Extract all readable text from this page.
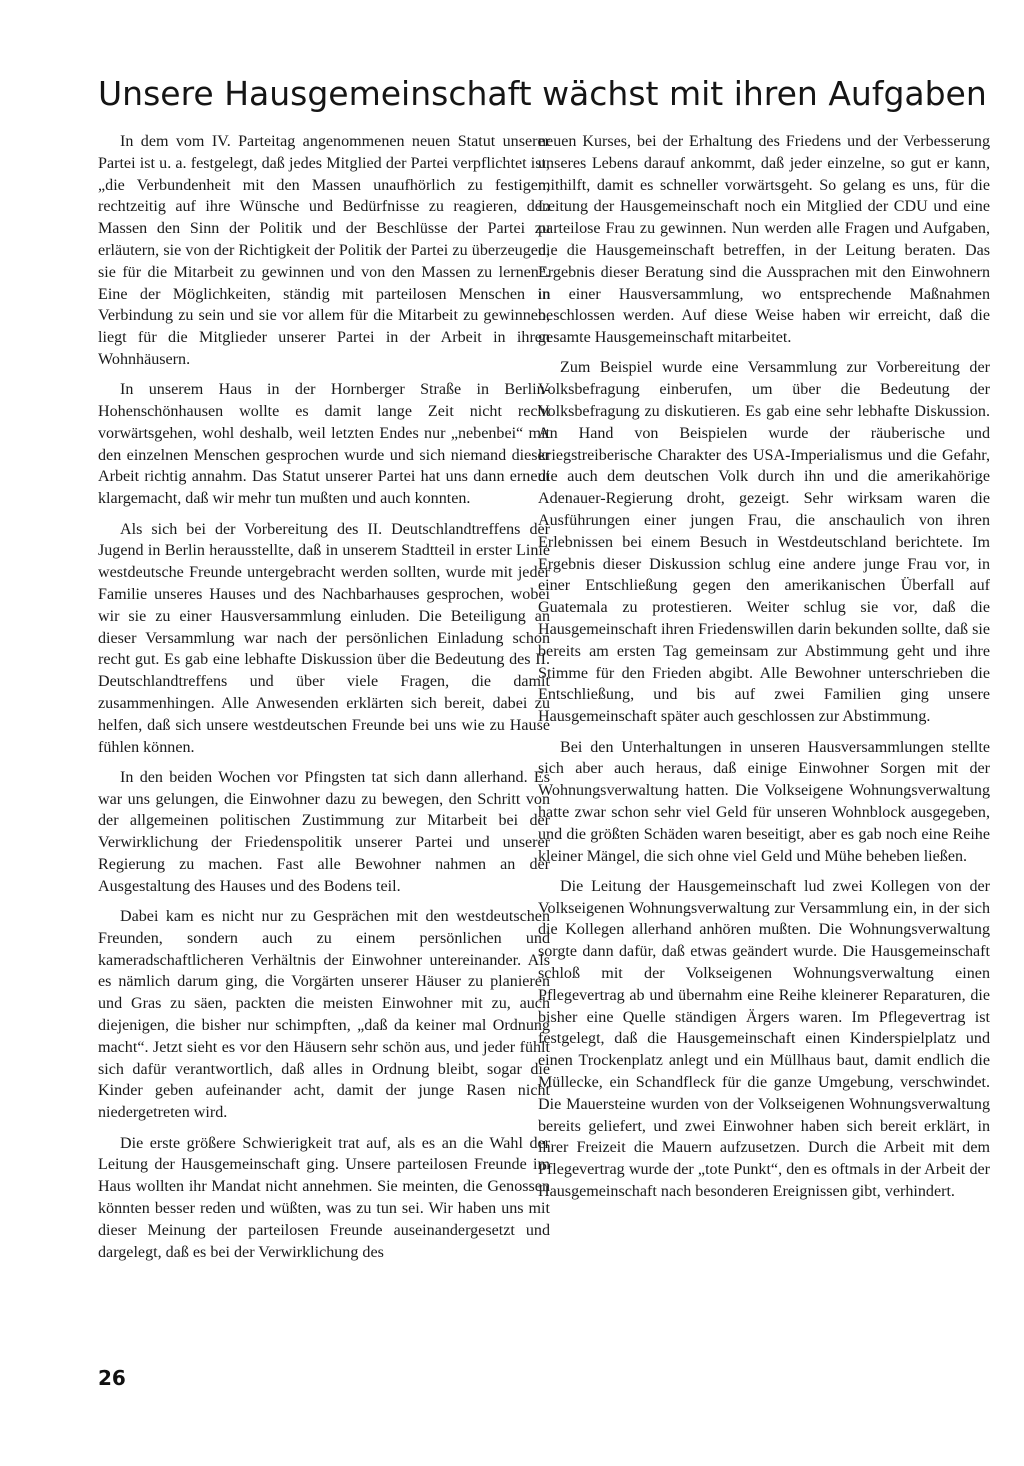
Unsere Hausgemeinschaft wächst mit ihren Aufgaben

In dem vom IV. Parteitag angenommenen neuen Statut unserer Partei ist u. a. festgelegt, daß jedes Mitglied der Partei verpflichtet ist, „die Verbundenheit mit den Massen unaufhörlich zu festigen, rechtzeitig auf ihre Wünsche und Bedürfnisse zu reagieren, den Massen den Sinn der Politik und der Beschlüsse der Partei zu erläutern, sie von der Richtigkeit der Politik der Partei zu überzeugen, sie für die Mitarbeit zu gewinnen und von den Massen zu lernen“. Eine der Möglichkeiten, ständig mit parteilosen Menschen in Verbindung zu sein und sie vor allem für die Mitarbeit zu gewinnen, liegt für die Mitglieder unserer Partei in der Arbeit in ihren Wohnhäusern.

In unserem Haus in der Hornberger Straße in Berlin-Hohenschönhausen wollte es damit lange Zeit nicht recht vorwärtsgehen, wohl deshalb, weil letzten Endes nur „nebenbei“ mit den einzelnen Menschen gesprochen wurde und sich niemand dieser Arbeit richtig annahm. Das Statut unserer Partei hat uns dann erneut klargemacht, daß wir mehr tun mußten und auch konnten.

Als sich bei der Vorbereitung des II. Deutschlandtreffens der Jugend in Berlin herausstellte, daß in unserem Stadtteil in erster Linie westdeutsche Freunde untergebracht werden sollten, wurde mit jeder Familie unseres Hauses und des Nachbarhauses gesprochen, wobei wir sie zu einer Hausversammlung einluden. Die Beteiligung an dieser Versammlung war nach der persönlichen Einladung schon recht gut. Es gab eine lebhafte Diskussion über die Bedeutung des II. Deutschlandtreffens und über viele Fragen, die damit zusammenhingen. Alle Anwesenden erklärten sich bereit, dabei zu helfen, daß sich unsere westdeutschen Freunde bei uns wie zu Hause fühlen können.

In den beiden Wochen vor Pfingsten tat sich dann allerhand. Es war uns gelungen, die Einwohner dazu zu bewegen, den Schritt von der allgemeinen politischen Zustimmung zur Mitarbeit bei der Verwirklichung der Friedenspolitik unserer Partei und unserer Regierung zu machen. Fast alle Bewohner nahmen an der Ausgestaltung des Hauses und des Bodens teil.

Dabei kam es nicht nur zu Gesprächen mit den westdeutschen Freunden, sondern auch zu einem persönlichen und kameradschaftlicheren Verhältnis der Einwohner untereinander. Als es nämlich darum ging, die Vorgärten unserer Häuser zu planieren und Gras zu säen, packten die meisten Einwohner mit zu, auch diejenigen, die bisher nur schimpften, „daß da keiner mal Ordnung macht“. Jetzt sieht es vor den Häusern sehr schön aus, und jeder fühlt sich dafür verantwortlich, daß alles in Ordnung bleibt, sogar die Kinder geben aufeinander acht, damit der junge Rasen nicht niedergetreten wird.

Die erste größere Schwierigkeit trat auf, als es an die Wahl der Leitung der Hausgemeinschaft ging. Unsere parteilosen Freunde im Haus wollten ihr Mandat nicht annehmen. Sie meinten, die Genossen könnten besser reden und wüßten, was zu tun sei. Wir haben uns mit dieser Meinung der parteilosen Freunde auseinandergesetzt und dargelegt, daß es bei der Verwirklichung des

neuen Kurses, bei der Erhaltung des Friedens und der Verbesserung unseres Lebens darauf ankommt, daß jeder einzelne, so gut er kann, mithilft, damit es schneller vorwärtsgeht. So gelang es uns, für die Leitung der Hausgemeinschaft noch ein Mitglied der CDU und eine parteilose Frau zu gewinnen. Nun werden alle Fragen und Aufgaben, die die Hausgemeinschaft betreffen, in der Leitung beraten. Das Ergebnis dieser Beratung sind die Aussprachen mit den Einwohnern in einer Hausversammlung, wo entsprechende Maßnahmen beschlossen werden. Auf diese Weise haben wir erreicht, daß die gesamte Hausgemeinschaft mitarbeitet.

Zum Beispiel wurde eine Versammlung zur Vorbereitung der Volksbefragung einberufen, um über die Bedeutung der Volksbefragung zu diskutieren. Es gab eine sehr lebhafte Diskussion. An Hand von Beispielen wurde der räuberische und kriegstreiberische Charakter des USA-Imperialismus und die Gefahr, die auch dem deutschen Volk durch ihn und die amerikahörige Adenauer-Regierung droht, gezeigt. Sehr wirksam waren die Ausführungen einer jungen Frau, die anschaulich von ihren Erlebnissen bei einem Besuch in Westdeutschland berichtete. Im Ergebnis dieser Diskussion schlug eine andere junge Frau vor, in einer Entschließung gegen den amerikanischen Überfall auf Guatemala zu protestieren. Weiter schlug sie vor, daß die Hausgemeinschaft ihren Friedenswillen darin bekunden sollte, daß sie bereits am ersten Tag gemeinsam zur Abstimmung geht und ihre Stimme für den Frieden abgibt. Alle Bewohner unterschrieben die Entschließung, und bis auf zwei Familien ging unsere Hausgemeinschaft später auch geschlossen zur Abstimmung.

Bei den Unterhaltungen in unseren Hausversammlungen stellte sich aber auch heraus, daß einige Einwohner Sorgen mit der Wohnungsverwaltung hatten. Die Volkseigene Wohnungsverwaltung hatte zwar schon sehr viel Geld für unseren Wohnblock ausgegeben, und die größten Schäden waren beseitigt, aber es gab noch eine Reihe kleiner Mängel, die sich ohne viel Geld und Mühe beheben ließen.

Die Leitung der Hausgemeinschaft lud zwei Kollegen von der Volkseigenen Wohnungsverwaltung zur Versammlung ein, in der sich die Kollegen allerhand anhören mußten. Die Wohnungsverwaltung sorgte dann dafür, daß etwas geändert wurde. Die Hausgemeinschaft schloß mit der Volkseigenen Wohnungsverwaltung einen Pflegevertrag ab und übernahm eine Reihe kleinerer Reparaturen, die bisher eine Quelle ständigen Ärgers waren. Im Pflegevertrag ist festgelegt, daß die Hausgemeinschaft einen Kinderspielplatz und einen Trockenplatz anlegt und ein Müllhaus baut, damit endlich die Müllecke, ein Schandfleck für die ganze Umgebung, verschwindet. Die Mauersteine wurden von der Volkseigenen Wohnungsverwaltung bereits geliefert, und zwei Einwohner haben sich bereit erklärt, in ihrer Freizeit die Mauern aufzusetzen. Durch die Arbeit mit dem Pflegevertrag wurde der „tote Punkt“, den es oftmals in der Arbeit der Hausgemeinschaft nach besonderen Ereignissen gibt, verhindert.

26
